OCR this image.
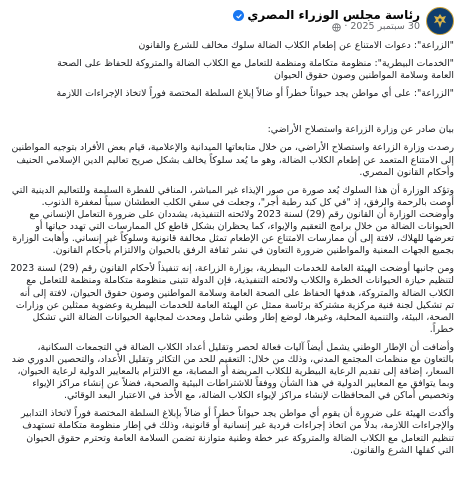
رئاسة مجلس الوزراء المصري
30 سبتمبر 2025
·

"الزراعة": دعوات الامتناع عن إطعام الكلاب الضالة سلوك مخالف للشرع والقانون

"الخدمات البيطرية": منظومة متكاملة ومنظمة للتعامل مع الكلاب الضالة والمتروكة للحفاظ على الصحة
العامة وسلامة المواطنين وصون حقوق الحيوان

"الزراعة": على أي مواطن يجد حيواناً خطراً أو ضالاً إبلاغ السلطة المختصة فوراً لاتخاذ الإجراءات اللازمة

بيان صادر عن وزارة الزراعة واستصلاح الأراضي:

رصدت وزارة الزراعة واستصلاح الأراضي، من خلال متابعاتها الميدانية والإعلامية، قيام بعض الأفراد بتوجيه المواطنين إلى الامتناع المتعمد عن إطعام الكلاب الضالة، وهو ما يُعد سلوكاً يخالف بشكل صريح تعاليم الدين الإسلامي الحنيف وأحكام القانون المصري.

وتؤكد الوزارة أن هذا السلوك يُعد صورة من صور الإيذاء غير المباشر، المنافي للفطرة السليمة وللتعاليم الدينية التي أوصت بالرحمة والرفق، إذ "في كل كبد رطبة أجر"، وجعلت في سقي الكلب العطشان سبباً لمغفرة الذنوب. وأوضحت الوزارة أن القانون رقم (29) لسنة 2023 ولائحته التنفيذية، يشددان على ضرورة التعامل الإنساني مع الحيوانات الضالة من خلال برامج التعقيم والإيواء، كما يحظران بشكل قاطع كل الممارسات التي تهدد حياتها أو تعرضها للهلاك، لافتة إلى أن ممارسات الامتناع عن الإطعام تمثل مخالفة قانونية وسلوكاً غير إنساني. وأهابت الوزارة بجميع الجهات المعنية والمواطنين ضرورة التعاون في نشر ثقافة الرفق بالحيوان والالتزام بأحكام القانون.

ومن جانبها أوضحت الهيئة العامة للخدمات البيطرية، بوزارة الزراعة، إنه تنفيذاً لأحكام القانون رقم (29) لسنة 2023 لتنظيم حيازة الحيوانات الخطرة والكلاب ولائحته التنفيذية، فإن الدولة تتبنى منظومة متكاملة ومنظمة للتعامل مع الكلاب الضالة والمتروكة، هدفها الحفاظ على الصحة العامة وسلامة المواطنين وصون حقوق الحيوان، لافتة إلى أنه تم تشكيل لجنة فنية مركزية مشتركة برئاسة ممثل عن الهيئة العامة للخدمات البيطرية وعضوية ممثلين عن وزارات الصحة، البيئة، والتنمية المحلية، وغيرها، لوضع إطار وطني شامل ومحدث لمجابهة الحيوانات الضالة التي تشكل خطراً.

وأضافت أن الإطار الوطني يشمل أيضاً آليات فعالة لحصر وتقليل أعداد الكلاب الضالة في التجمعات السكانية، بالتعاون مع منظمات المجتمع المدني، وذلك من خلال: التعقيم للحد من التكاثر وتقليل الأعداد، والتحصين الدوري ضد السعار، إضافة إلى تقديم الرعاية البيطرية للكلاب المريضة أو المصابة، مع الالتزام بالمعايير الدولية لرعاية الحيوان، وبما يتوافق مع المعايير الدولية في هذا الشأن ووفقاً للاشتراطات البيئية والصحية، فضلاً عن إنشاء مراكز الإيواء وتخصيص أماكن في المحافظات لإنشاء مراكز لإيواء الكلاب الضالة، مع الأخذ في الاعتبار البعد الوقائي.

وأكدت الهيئة على ضرورة أن يقوم أي مواطن يجد حيواناً خطراً أو ضالاً بإبلاغ السلطة المختصة فوراً لاتخاذ التدابير والإجراءات اللازمة، بدلاً من اتخاذ إجراءات فردية غير إنسانية أو قانونية، وذلك في إطار منظومة متكاملة تستهدف تنظيم التعامل مع الكلاب الضالة والمتروكة عبر خطة وطنية متوازنة تضمن السلامة العامة وتحترم حقوق الحيوان التي كفلها الشرع والقانون.
